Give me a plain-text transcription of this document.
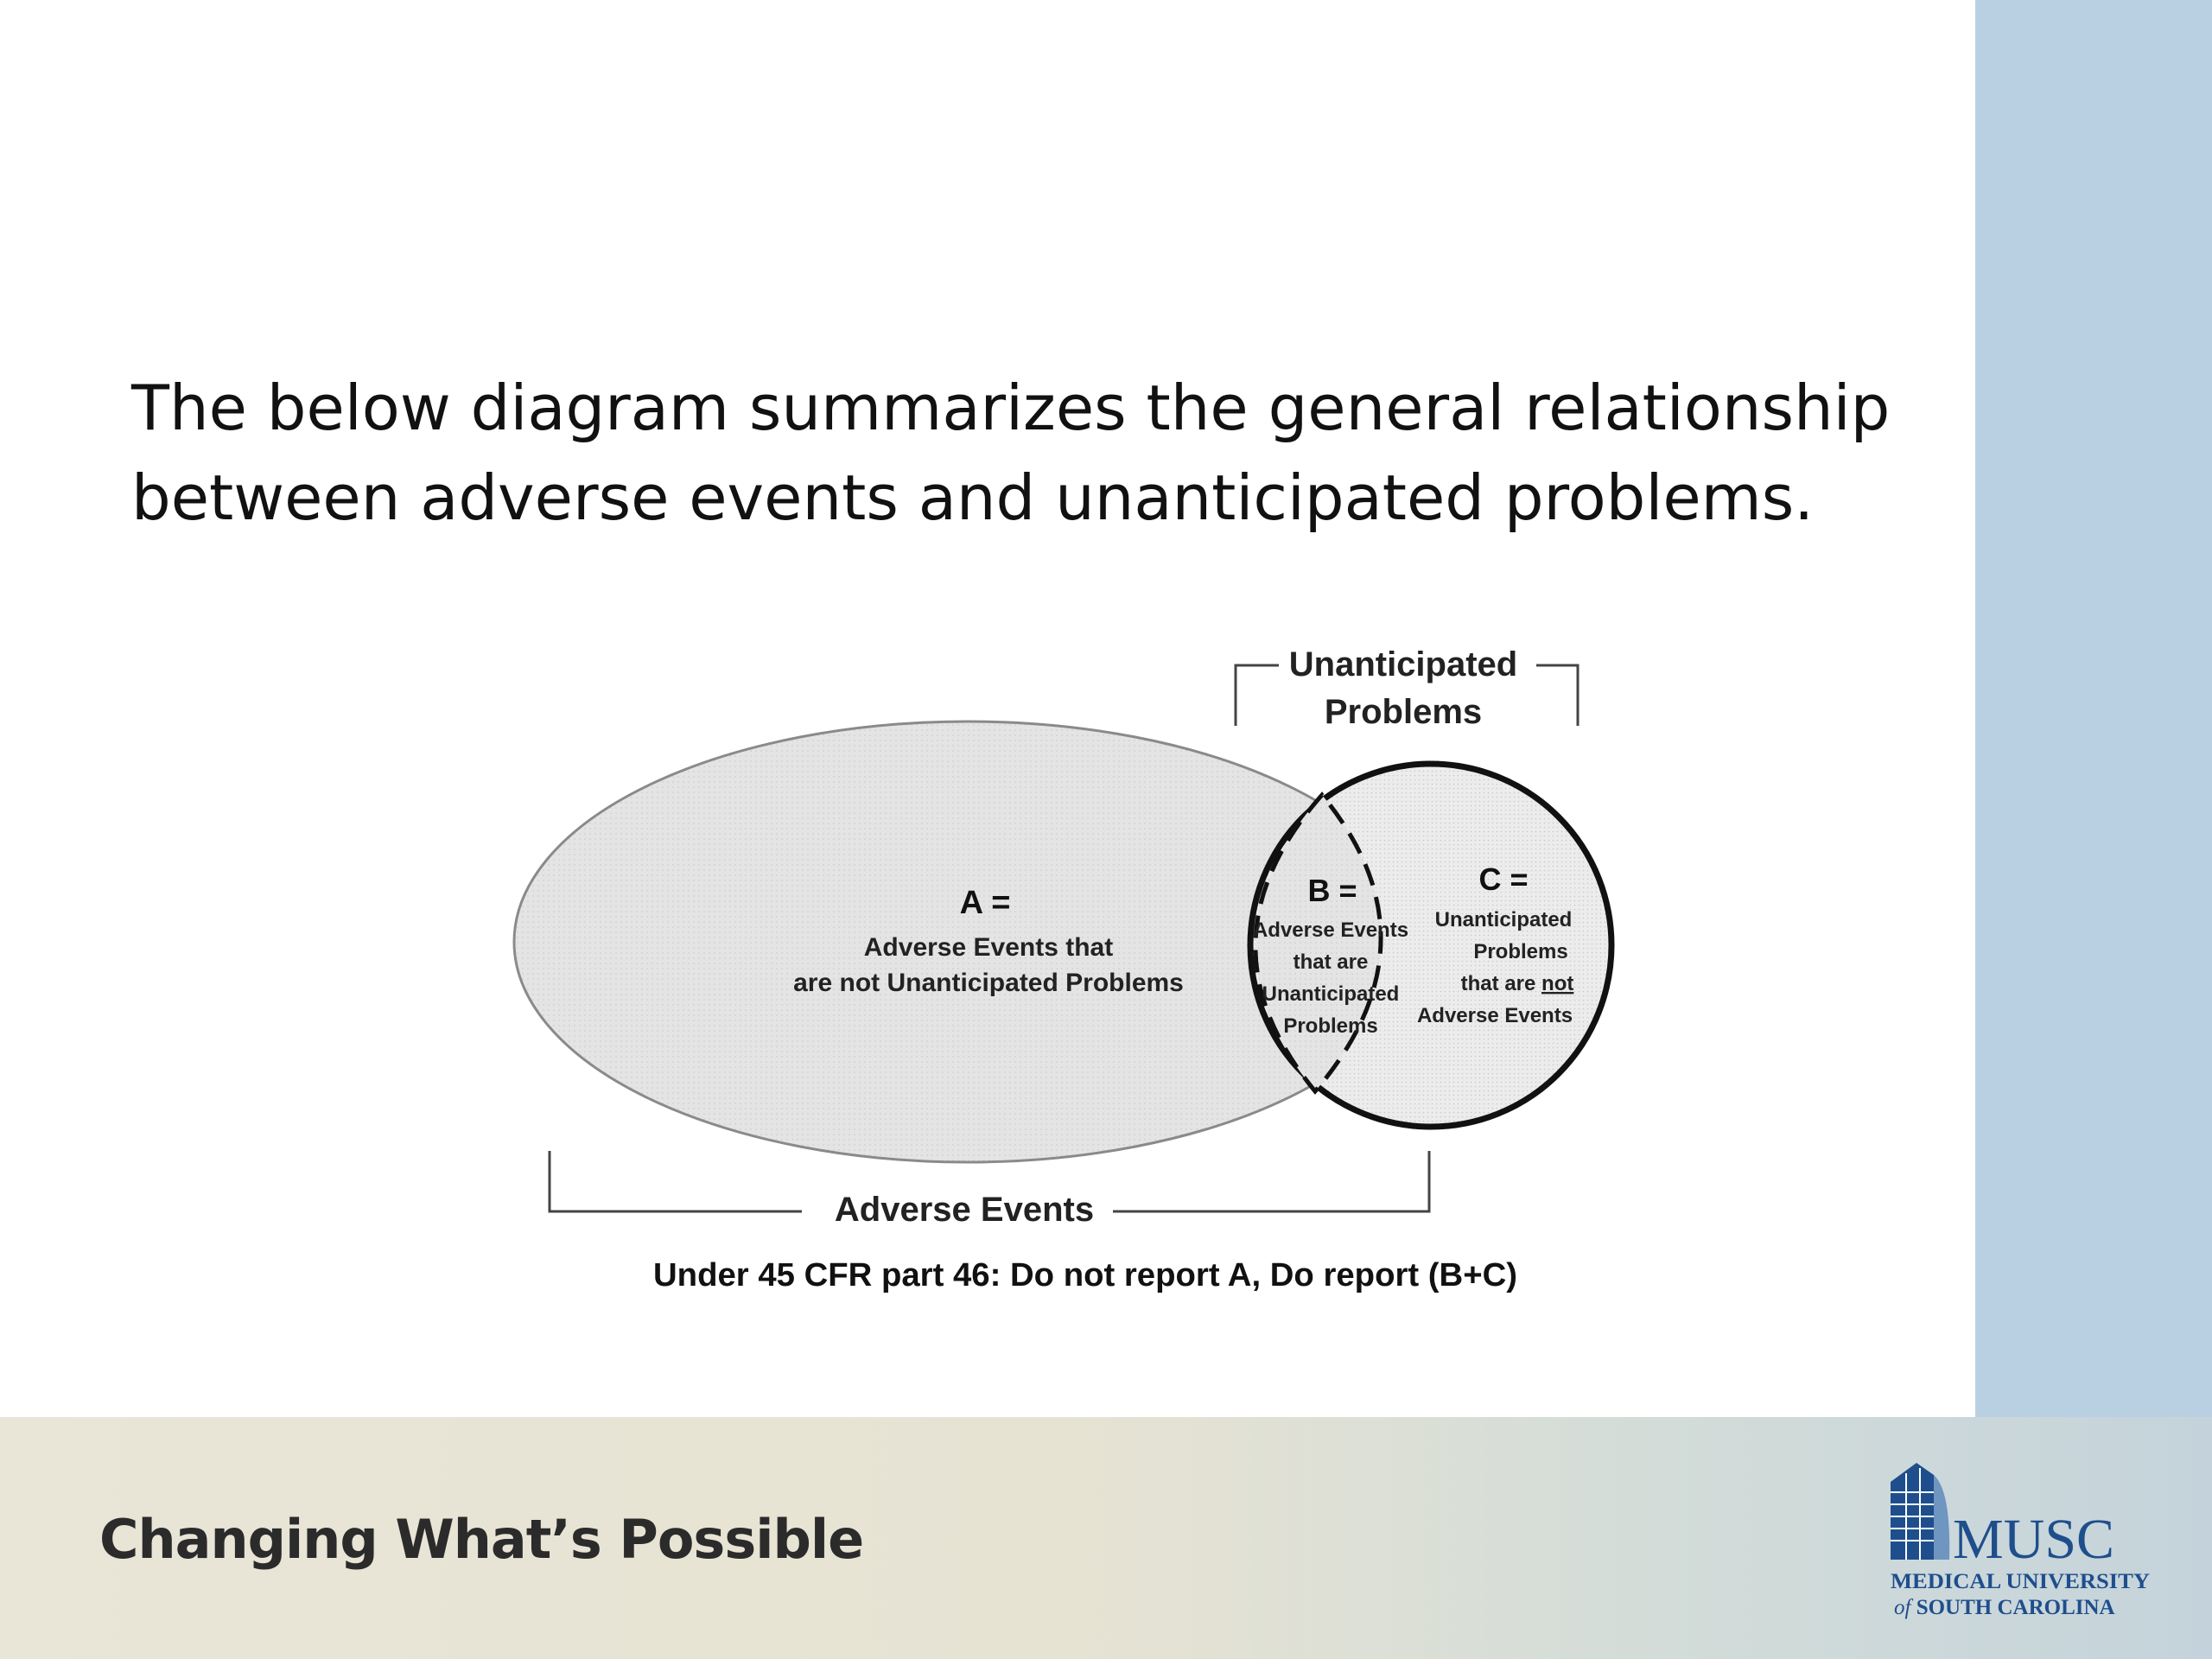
The below diagram summarizes the general relationship
between adverse events and unanticipated problems.

Unanticipated
Problems
A =
Adverse Events that
are not Unanticipated Problems
B =
Adverse Events
that are
Unanticipated
Problems
C =
Unanticipated
Problems
that are not
Adverse Events
Adverse Events
Under 45 CFR part 46: Do not report A, Do report (B+C)
Changing What’s Possible	MUSC
MEDICAL UNIVERSITY
of SOUTH CAROLINA
